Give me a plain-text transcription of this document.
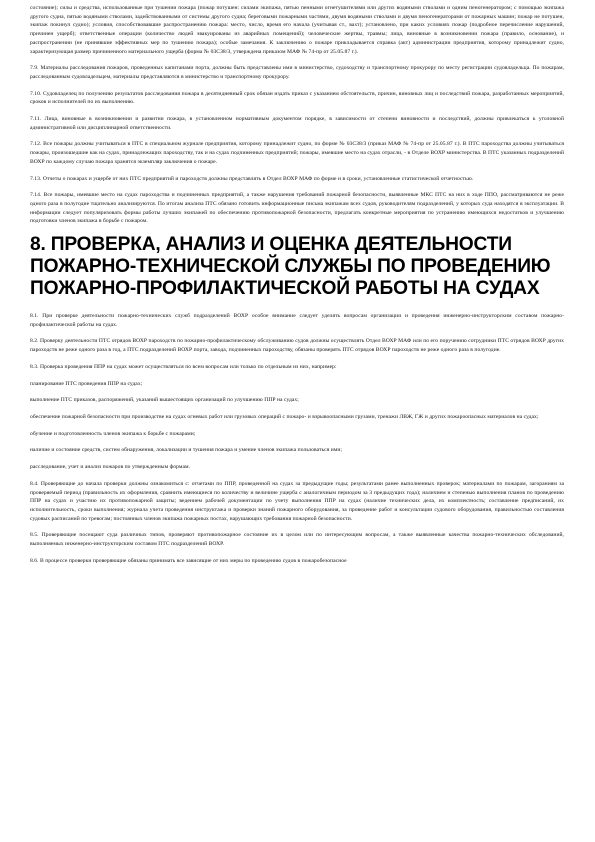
состояние); силы и средства, использованные при тушении пожара (пожар потушен: силами экипажа, пятью пенными огнетушителями или других водяными стволами и одним пеногенератором; с помощью экипажа другого судна, пятью водяными стволами, задействованными от системы другого судна; береговыми пожарными частями, двумя водяными стволами и двумя пеногенераторами от пожарных машин; пожар не потушен, экипаж покинул судно); условия, способствовавшие распространению пожара: место, число, время его начала (учитывая ст., вахт); установлено, при каких условиях пожар (подробное перечисление нарушений, причинен ущерб); ответственные операции (количество людей эвакуированы из аварийных помещений); человеческие жертвы, травмы; лица, виновные в возникновении пожара (правило, основание), и распространении (не принявшие эффективных мер по тушению пожара); особые замечания. К заключению о пожаре прикладывается справка (акт) администрации предприятия, которому принадлежит судно, характеризующая размер причиненного материального ущерба (форма № 03СЗ8/З, утверждена приказом МАФ № 74-пр от 25.05.87 г.).

7.9. Материалы расследования пожаров, проведенных капитанами порта, должны быть представлены ими в министерство, судоходству и транспортному прокурору по месту регистрации судовладельца. По пожарам, расследованным судовладельцем, материалы представляются в министерство и транспортному прокурору.

7.10. Судовладелец по получению результатов расследования пожара в десятидневный срок обязан издать приказ с указанием обстоятельств, причин, виновных лиц и последствий пожара, разработанных мероприятий, сроков и исполнителей по их выполнению.

7.11. Лица, виновные в возникновении и развитии пожара, в установленном нормативным документом порядке, в зависимости от степени виновности и последствий, должны привлекаться к уголовной административной или дисциплинарной ответственности.

7.12. Все пожары должны учитываться в ПТС в специальном журнале предприятия, которому принадлежит судно, по форме № 03СЗ8/3 (приказ МАФ № 74-пр от 25.05.87 г.). В ПТС пароходства должны учитываться пожары, произошедшие как на судах, принадлежащих пароходству, так и на судах подчиненных предприятий; пожары, имевшие место на судах отрасли, - в Отделе ВОХР министерства. В ПТС указанных подразделений ВОХР по каждому случаю пожара хранятся экземпляр заключения о пожаре.

7.13. Отчеты о пожарах и ущербе от них ПТС предприятий и пароходств должны представлять в Отдел ВОХР МАФ по форме и в сроки, установленные статистической отчетностью.

7.14. Все пожары, имевшие место на судах пароходства и подчиненных предприятий, а также нарушения требований пожарной безопасности, выявленные МКС ПТС на них в ходе ППО, рассматриваются не реже одного раза в полугодие тщательно анализируются. По итогам анализа ПТС обязано готовить информационные письма экипажам всех судов, руководителям подразделений, у которых суда находятся в эксплуатации. В информации следует популяризовать формы работы лучших экипажей по обеспечению противопожарной безопасности, предлагать конкретные мероприятия по устранению имеющихся недостатков и улучшению подготовки членов экипажа в борьбе с пожаром.

8. ПРОВЕРКА, АНАЛИЗ И ОЦЕНКА ДЕЯТЕЛЬНОСТИ ПОЖАРНО-ТЕХНИЧЕСКОЙ СЛУЖБЫ ПО ПРОВЕДЕНИЮ ПОЖАРНО-ПРОФИЛАКТИЧЕСКОЙ РАБОТЫ НА СУДАХ

8.1. При проверке деятельности пожарно-технических служб подразделений ВОХР особое внимание следует уделять вопросам организации и проведения инженерно-инструкторским составом пожарно-профилактической работы на судах.

8.2. Проверку деятельности ПТС отрядов ВОХР пароходств по пожарно-профилактическому обслуживанию судов должны осуществлять Отдел ВОХР МАФ или по его поручению сотрудники ПТС отрядов ВОХР других пароходств не реже одного раза в год, а ПТС подразделений ВОХР порта, завода, подчиненных пароходству, обязаны проверять ПТС отрядов ВОХР пароходств не реже одного раза в полугодие.

8.3. Проверка проведения ППР на судах может осуществляться по всем вопросам или только по отдельным из них, например:

планирование ПТС проведения ППР на судах;

выполнение ПТС приказов, распоряжений, указаний вышестоящих организаций по улучшению ППР на судах;

обеспечение пожарной безопасности при производстве на судах огневых работ или грузовых операций с пожаро- и взрывоопасными грузами, тренажи ЛВЖ, ГЖ и других пожароопасных материалов на судах;

обучение и подготовленность членов экипажа к борьбе с пожарами;

наличие и состояние средств, систем обнаружения, локализации и тушения пожара и умение членов экипажа пользоваться ими;

расследование, учет и анализ пожаров по утвержденным формам.

8.4. Проверяющие до начала проверки должны ознакомиться с: отчетами по ППР, проведенной на судах за предыдущие годы; результатами ранее выполненных проверок; материалами по пожарам, загораниям за проверяемый период (правильность их оформления, сравнить имеющиеся по количеству и величине ущерба с аналогичным периодом за 3 предыдущих года); наличием и степенью выполнения планов по проведению ППР на судах и участию их противопожарной защиты; ведением рабочей документации по учету выполнения ППР на судах (наличие технических дела, их комплектность; составление предписаний, их исполнительность, сроки выполнения; журнала учета проведения инструктажа и проверки знаний пожарного оборудования, за проведение работ и консультации судового оборудования, правильностью составления судовых расписаний по тревогам; постоянных членов экипажа пожарных постах, нарушающих требования пожарной безопасности.

8.5. Проверяющие посещают суда различных типов, проверяют противопожарное состояние их в целом или по интересующим вопросам, а также выявленные качества пожарно-технических обследований, выполняемых инженерно-инструкторским составом ПТС подразделений ВОХР.

8.6. В процессе проверки проверяющие обязаны принимать все зависящие от них меры по проведению судов в пожаробезопасное
